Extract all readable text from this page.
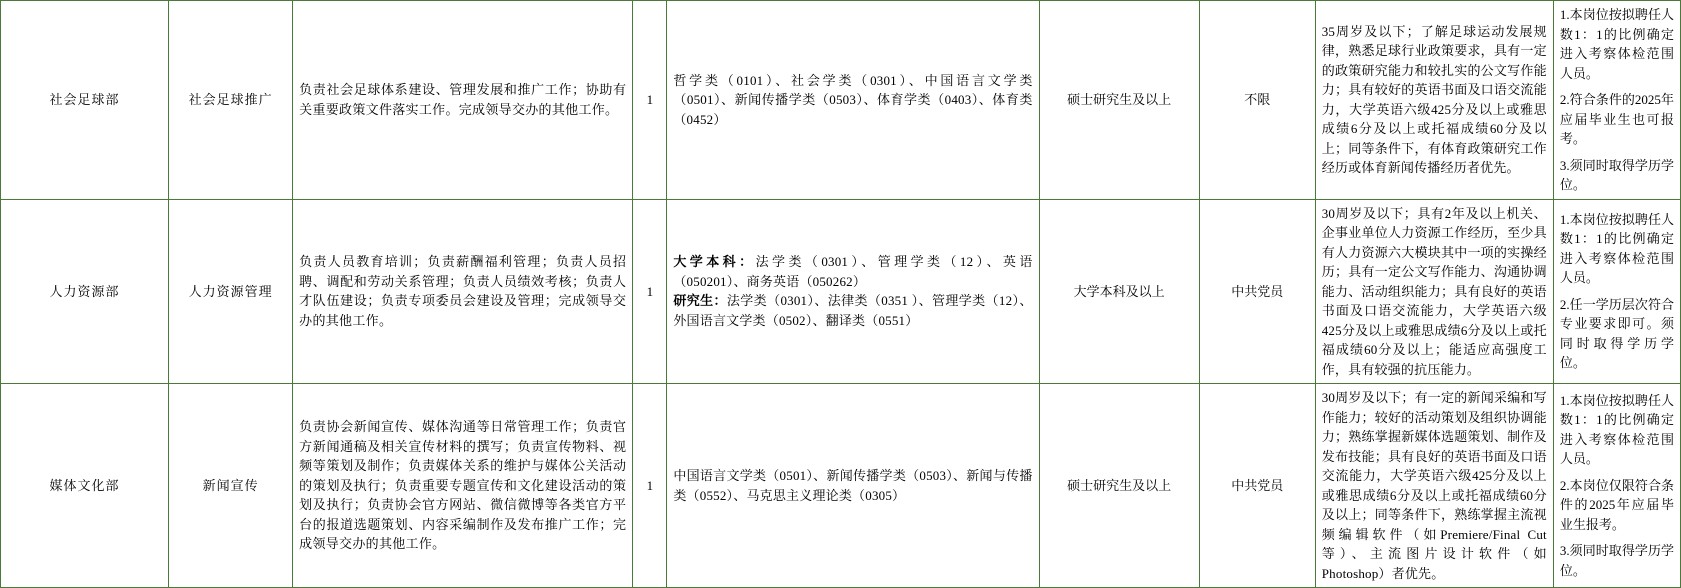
社会足球部	社会足球推广	负责社会足球体系建设、管理发展和推广工作；协助有关重要政策文件落实工作。完成领导交办的其他工作。	1	哲学类（0101）、社会学类（0301）、中国语言文学类（0501）、新闻传播学类（0503）、体育学类（0403）、体育类（0452）	硕士研究生及以上	不限	35周岁及以下；了解足球运动发展规律，熟悉足球行业政策要求，具有一定的政策研究能力和较扎实的公文写作能力；具有较好的英语书面及口语交流能力，大学英语六级425分及以上或雅思成绩6分及以上或托福成绩60分及以上；同等条件下，有体育政策研究工作经历或体育新闻传播经历者优先。	1.本岗位按拟聘任人数1：1的比例确定进入考察体检范围人员。

2.符合条件的2025年应届毕业生也可报考。

3.须同时取得学历学位。

人力资源部	人力资源管理	负责人员教育培训；负责薪酬福利管理；负责人员招聘、调配和劳动关系管理；负责人员绩效考核；负责人才队伍建设；负责专项委员会建设及管理；完成领导交办的其他工作。	1	

大学本科：法学类（0301）、管理学类（12）、英语（050201）、商务英语（050262）

研究生：法学类（0301）、法律类（0351 ）、管理学类（12）、外国语言文学类（0502）、翻译类（0551）

	大学本科及以上	中共党员	30周岁及以下；具有2年及以上机关、企事业单位人力资源工作经历，至少具有人力资源六大模块其中一项的实操经历；具有一定公文写作能力、沟通协调能力、活动组织能力；具有良好的英语书面及口语交流能力，大学英语六级425分及以上或雅思成绩6分及以上或托福成绩60分及以上；能适应高强度工作，具有较强的抗压能力。	

1.本岗位按拟聘任人数1：1的比例确定进入考察体检范围人员。

2.任一学历层次符合专业要求即可。须同时取得学历学位。

媒体文化部	新闻宣传	负责协会新闻宣传、媒体沟通等日常管理工作；负责官方新闻通稿及相关宣传材料的撰写；负责宣传物料、视频等策划及制作；负责媒体关系的维护与媒体公关活动的策划及执行；负责重要专题宣传和文化建设活动的策划及执行；负责协会官方网站、微信微博等各类官方平台的报道选题策划、内容采编制作及发布推广工作；完成领导交办的其他工作。	1	中国语言文学类（0501）、新闻传播学类（0503）、新闻与传播类（0552）、马克思主义理论类（0305）	硕士研究生及以上	中共党员	30周岁及以下；有一定的新闻采编和写作能力；较好的活动策划及组织协调能力；熟练掌握新媒体选题策划、制作及发布技能；具有良好的英语书面及口语交流能力，大学英语六级425分及以上或雅思成绩6分及以上或托福成绩60分及以上；同等条件下，熟练掌握主流视频编辑软件（如Premiere/Final Cut 等）、主流图片设计软件（如Photoshop）者优先。	1.本岗位按拟聘任人数1：1的比例确定进入考察体检范围人员。

2.本岗位仅限符合条件的2025年应届毕业生报考。

3.须同时取得学历学位。
